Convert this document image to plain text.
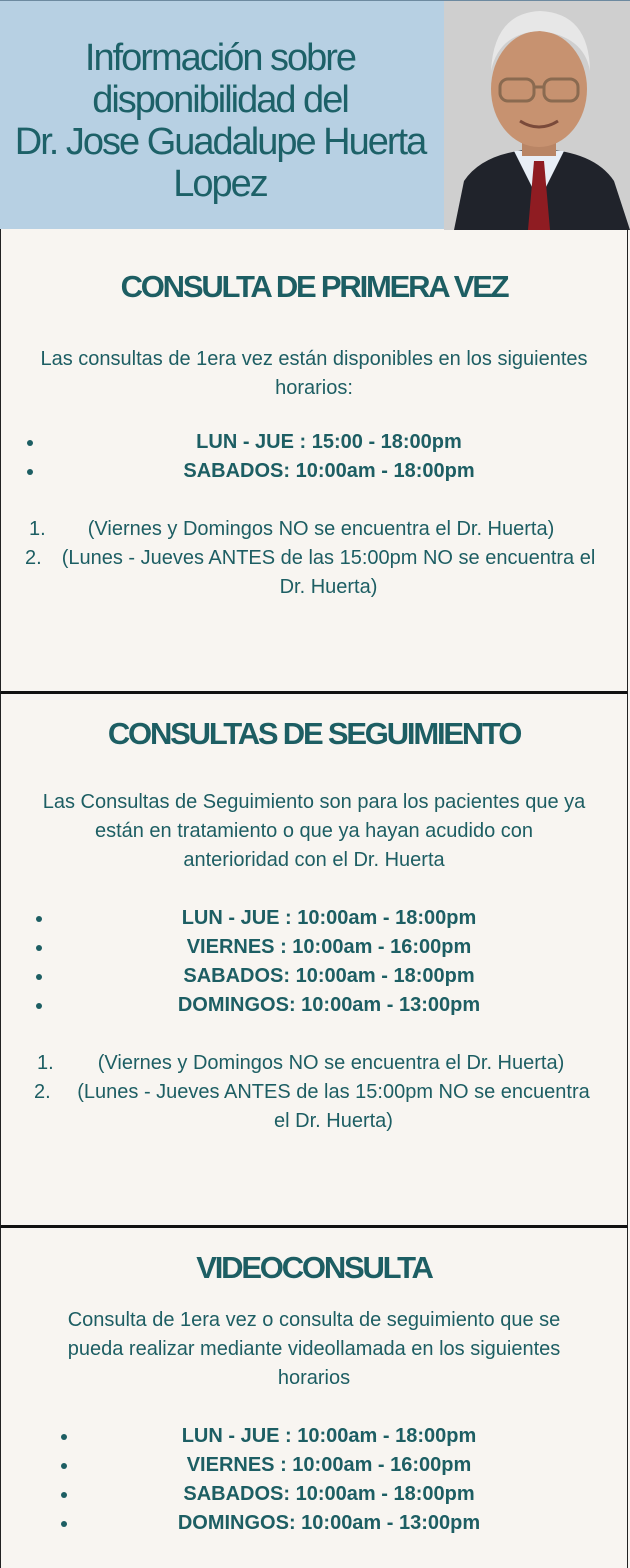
Información sobre
disponibilidad del
Dr. Jose Guadalupe Huerta
Lopez
CONSULTA DE PRIMERA VEZ

Las consultas de 1era vez están disponibles en los siguientes
horarios:

LUN - JUE : 15:00 - 18:00pm
SABADOS: 10:00am - 18:00pm
1. (Viernes y Domingos NO se encuentra el Dr. Huerta)
2.	(Lunes - Jueves ANTES de las 15:00pm NO se encuentra el
Dr. Huerta)
CONSULTAS DE SEGUIMIENTO

Las Consultas de Seguimiento son para los pacientes que ya
están en tratamiento o que ya hayan acudido con
anterioridad con el Dr. Huerta

LUN - JUE : 10:00am - 18:00pm
VIERNES : 10:00am - 16:00pm
SABADOS: 10:00am - 18:00pm
DOMINGOS: 10:00am - 13:00pm
1. (Viernes y Domingos NO se encuentra el Dr. Huerta)
2.	(Lunes - Jueves ANTES de las 15:00pm NO se encuentra
el Dr. Huerta)
VIDEOCONSULTA

Consulta de 1era vez o consulta de seguimiento que se
pueda realizar mediante videollamada en los siguientes
horarios

LUN - JUE : 10:00am - 18:00pm
VIERNES : 10:00am - 16:00pm
SABADOS: 10:00am - 18:00pm
DOMINGOS: 10:00am - 13:00pm
